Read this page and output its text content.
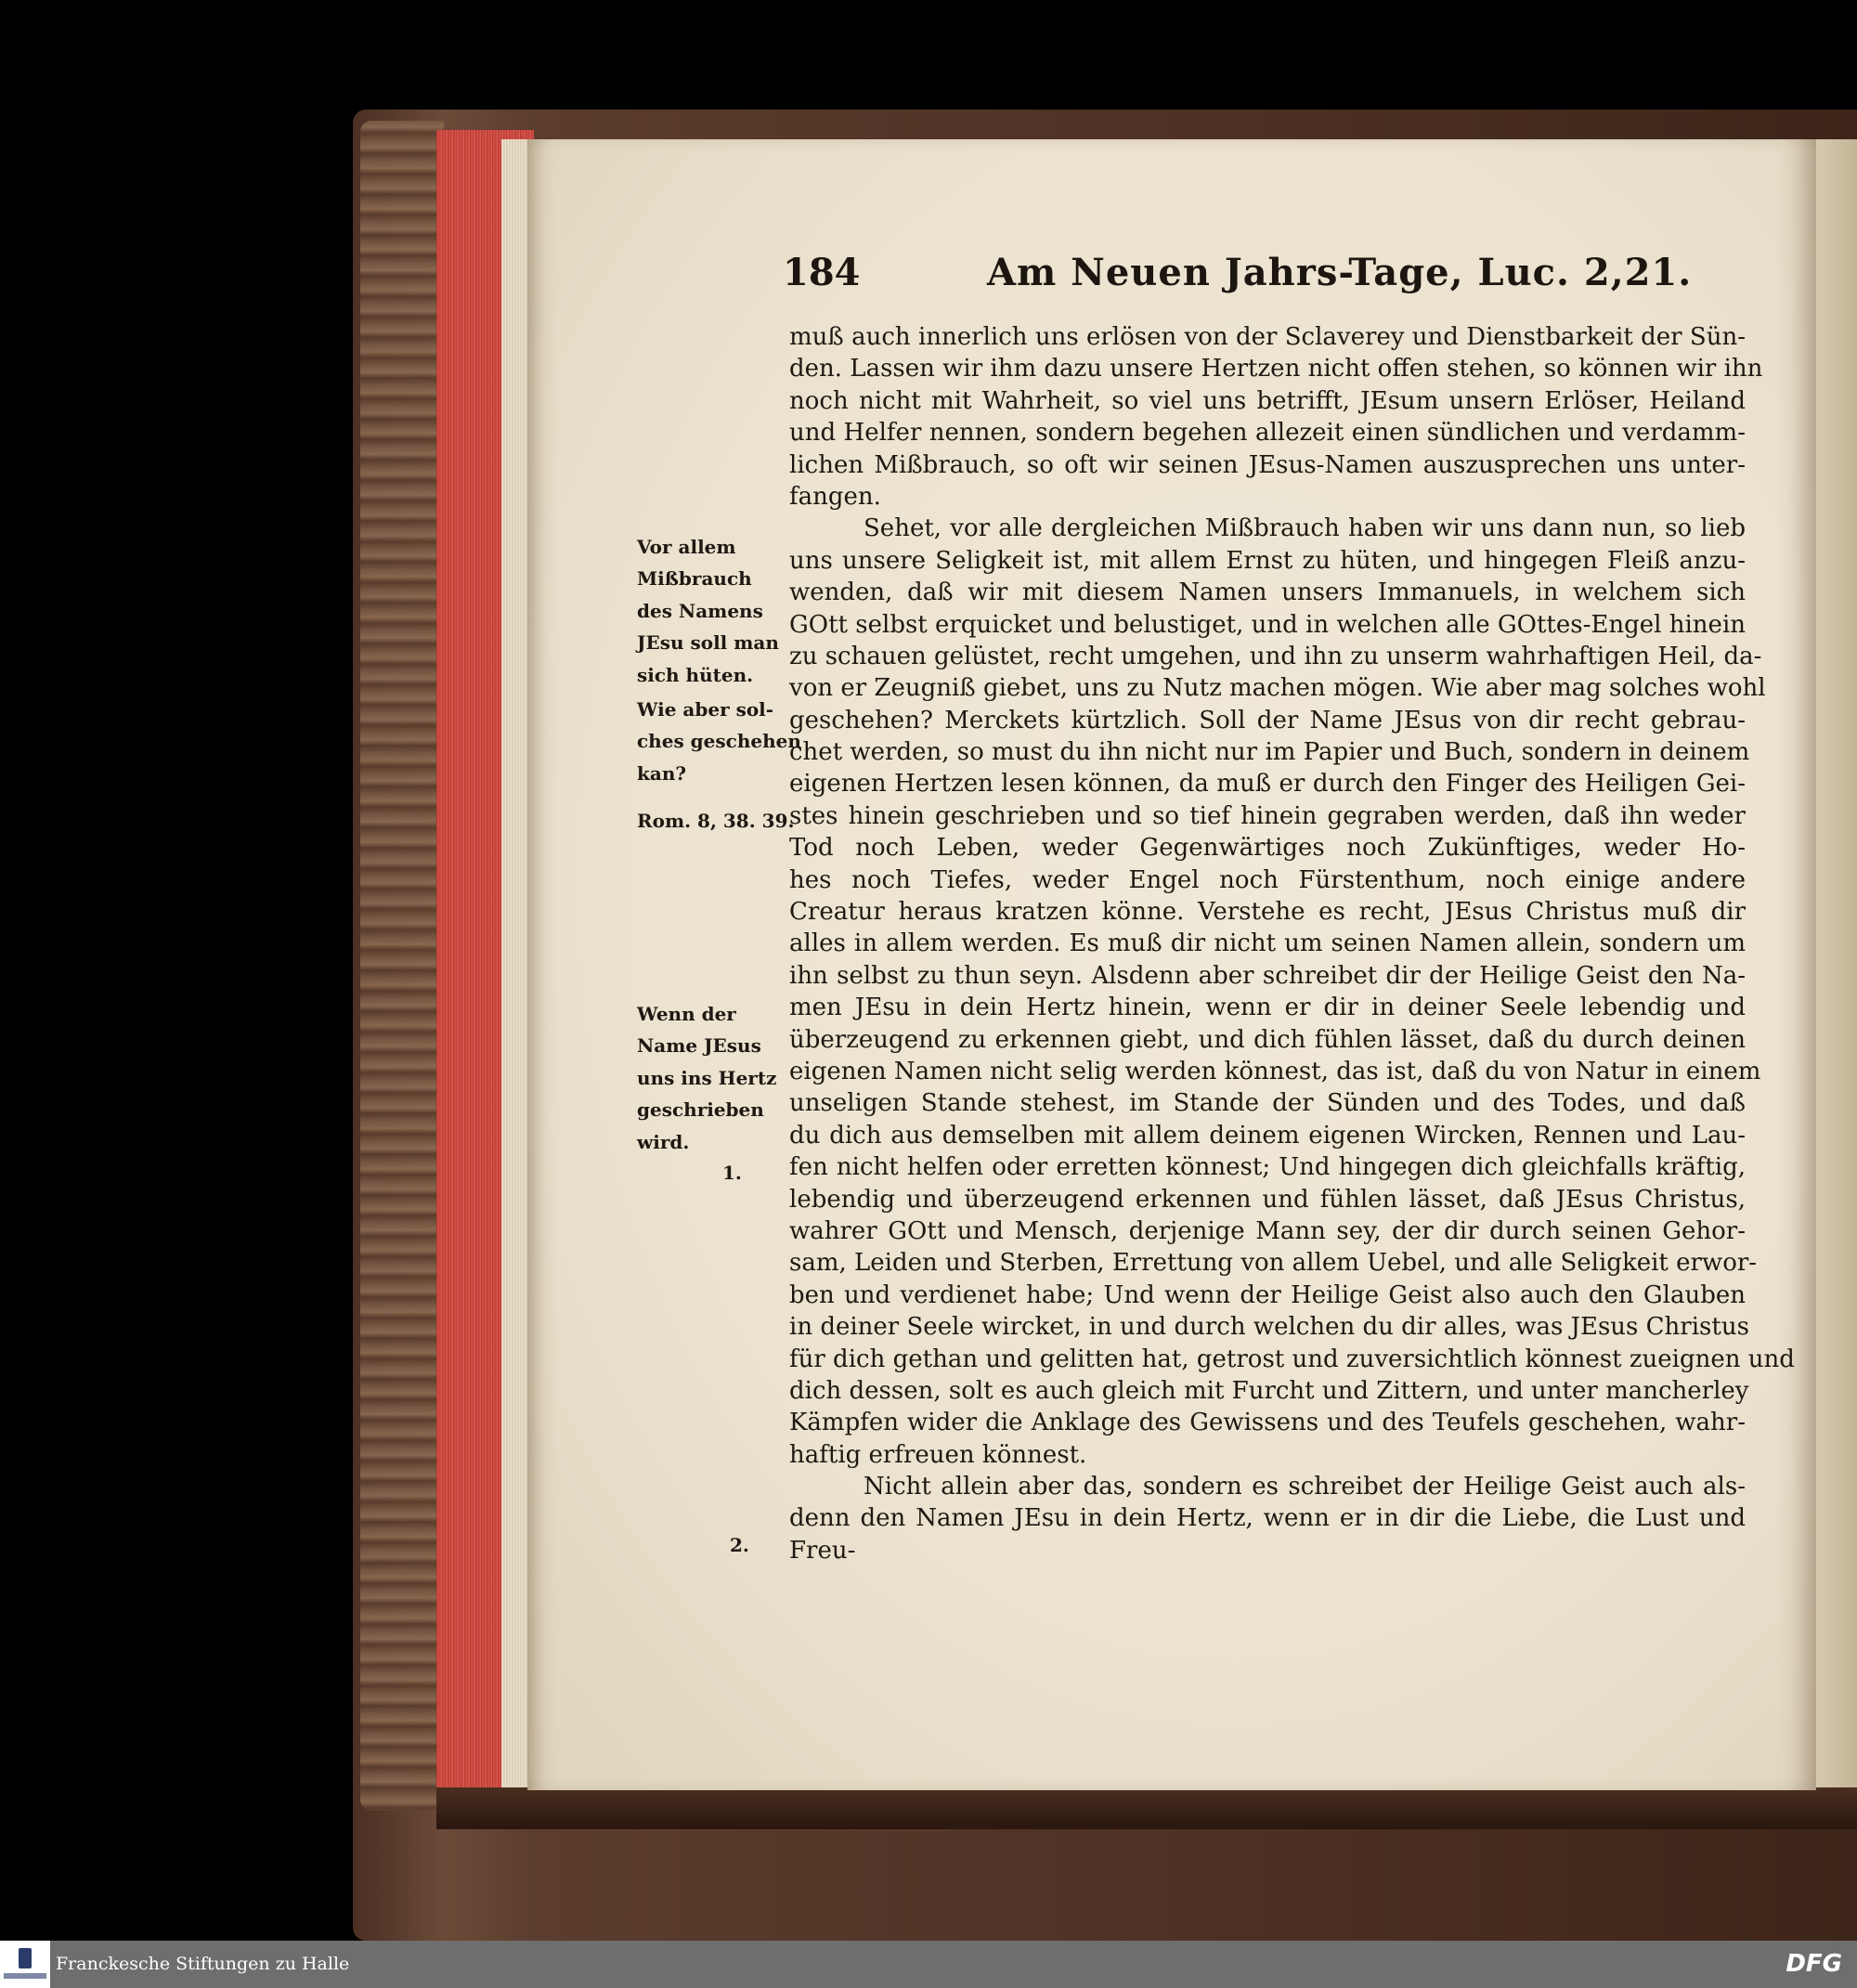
184	Am Neuen Jahrs-Tage, Luc. 2,21.
muß auch innerlich uns erlösen von der Sclaverey und Dienstbarkeit der Sün-
den. Lassen wir ihm dazu unsere Hertzen nicht offen stehen, so können wir ihn
noch nicht mit Wahrheit, so viel uns betrifft, JEsum unsern Erlöser, Heiland
und Helfer nennen, sondern begehen allezeit einen sündlichen und verdamm-
lichen Mißbrauch, so oft wir seinen JEsus-Namen auszusprechen uns unter-
fangen.
Sehet, vor alle dergleichen Mißbrauch haben wir uns dann nun, so lieb
uns unsere Seligkeit ist, mit allem Ernst zu hüten, und hingegen Fleiß anzu-
wenden, daß wir mit diesem Namen unsers Immanuels, in welchem sich
GOtt selbst erquicket und belustiget, und in welchen alle GOttes-Engel hinein
zu schauen gelüstet, recht umgehen, und ihn zu unserm wahrhaftigen Heil, da-
von er Zeugniß giebet, uns zu Nutz machen mögen. Wie aber mag solches wohl
geschehen? Merckets kürtzlich. Soll der Name JEsus von dir recht gebrau-
chet werden, so must du ihn nicht nur im Papier und Buch, sondern in deinem
eigenen Hertzen lesen können, da muß er durch den Finger des Heiligen Gei-
stes hinein geschrieben und so tief hinein gegraben werden, daß ihn weder
Tod noch Leben, weder Gegenwärtiges noch Zukünftiges, weder Ho-
hes noch Tiefes, weder Engel noch Fürstenthum, noch einige andere
Creatur heraus kratzen könne. Verstehe es recht, JEsus Christus muß dir
alles in allem werden. Es muß dir nicht um seinen Namen allein, sondern um
ihn selbst zu thun seyn. Alsdenn aber schreibet dir der Heilige Geist den Na-
men JEsu in dein Hertz hinein, wenn er dir in deiner Seele lebendig und
überzeugend zu erkennen giebt, und dich fühlen lässet, daß du durch deinen
eigenen Namen nicht selig werden könnest, das ist, daß du von Natur in einem
unseligen Stande stehest, im Stande der Sünden und des Todes, und daß
du dich aus demselben mit allem deinem eigenen Wircken, Rennen und Lau-
fen nicht helfen oder erretten könnest; Und hingegen dich gleichfalls kräftig,
lebendig und überzeugend erkennen und fühlen lässet, daß JEsus Christus,
wahrer GOtt und Mensch, derjenige Mann sey, der dir durch seinen Gehor-
sam, Leiden und Sterben, Errettung von allem Uebel, und alle Seligkeit erwor-
ben und verdienet habe; Und wenn der Heilige Geist also auch den Glauben
in deiner Seele wircket, in und durch welchen du dir alles, was JEsus Christus
für dich gethan und gelitten hat, getrost und zuversichtlich könnest zueignen und
dich dessen, solt es auch gleich mit Furcht und Zittern, und unter mancherley
Kämpfen wider die Anklage des Gewissens und des Teufels geschehen, wahr-
haftig erfreuen könnest.
Nicht allein aber das, sondern es schreibet der Heilige Geist auch als-
denn den Namen JEsu in dein Hertz, wenn er in dir die Liebe, die Lust und
Freu-
Vor allem
Mißbrauch
des Namens
JEsu soll man
sich hüten.
Wie aber sol-
ches geschehen
kan?
Rom. 8, 38. 39.
Wenn der
Name JEsus
uns ins Hertz
geschrieben
wird.
1.
2.
Franckesche Stiftungen zu Halle	DFG
